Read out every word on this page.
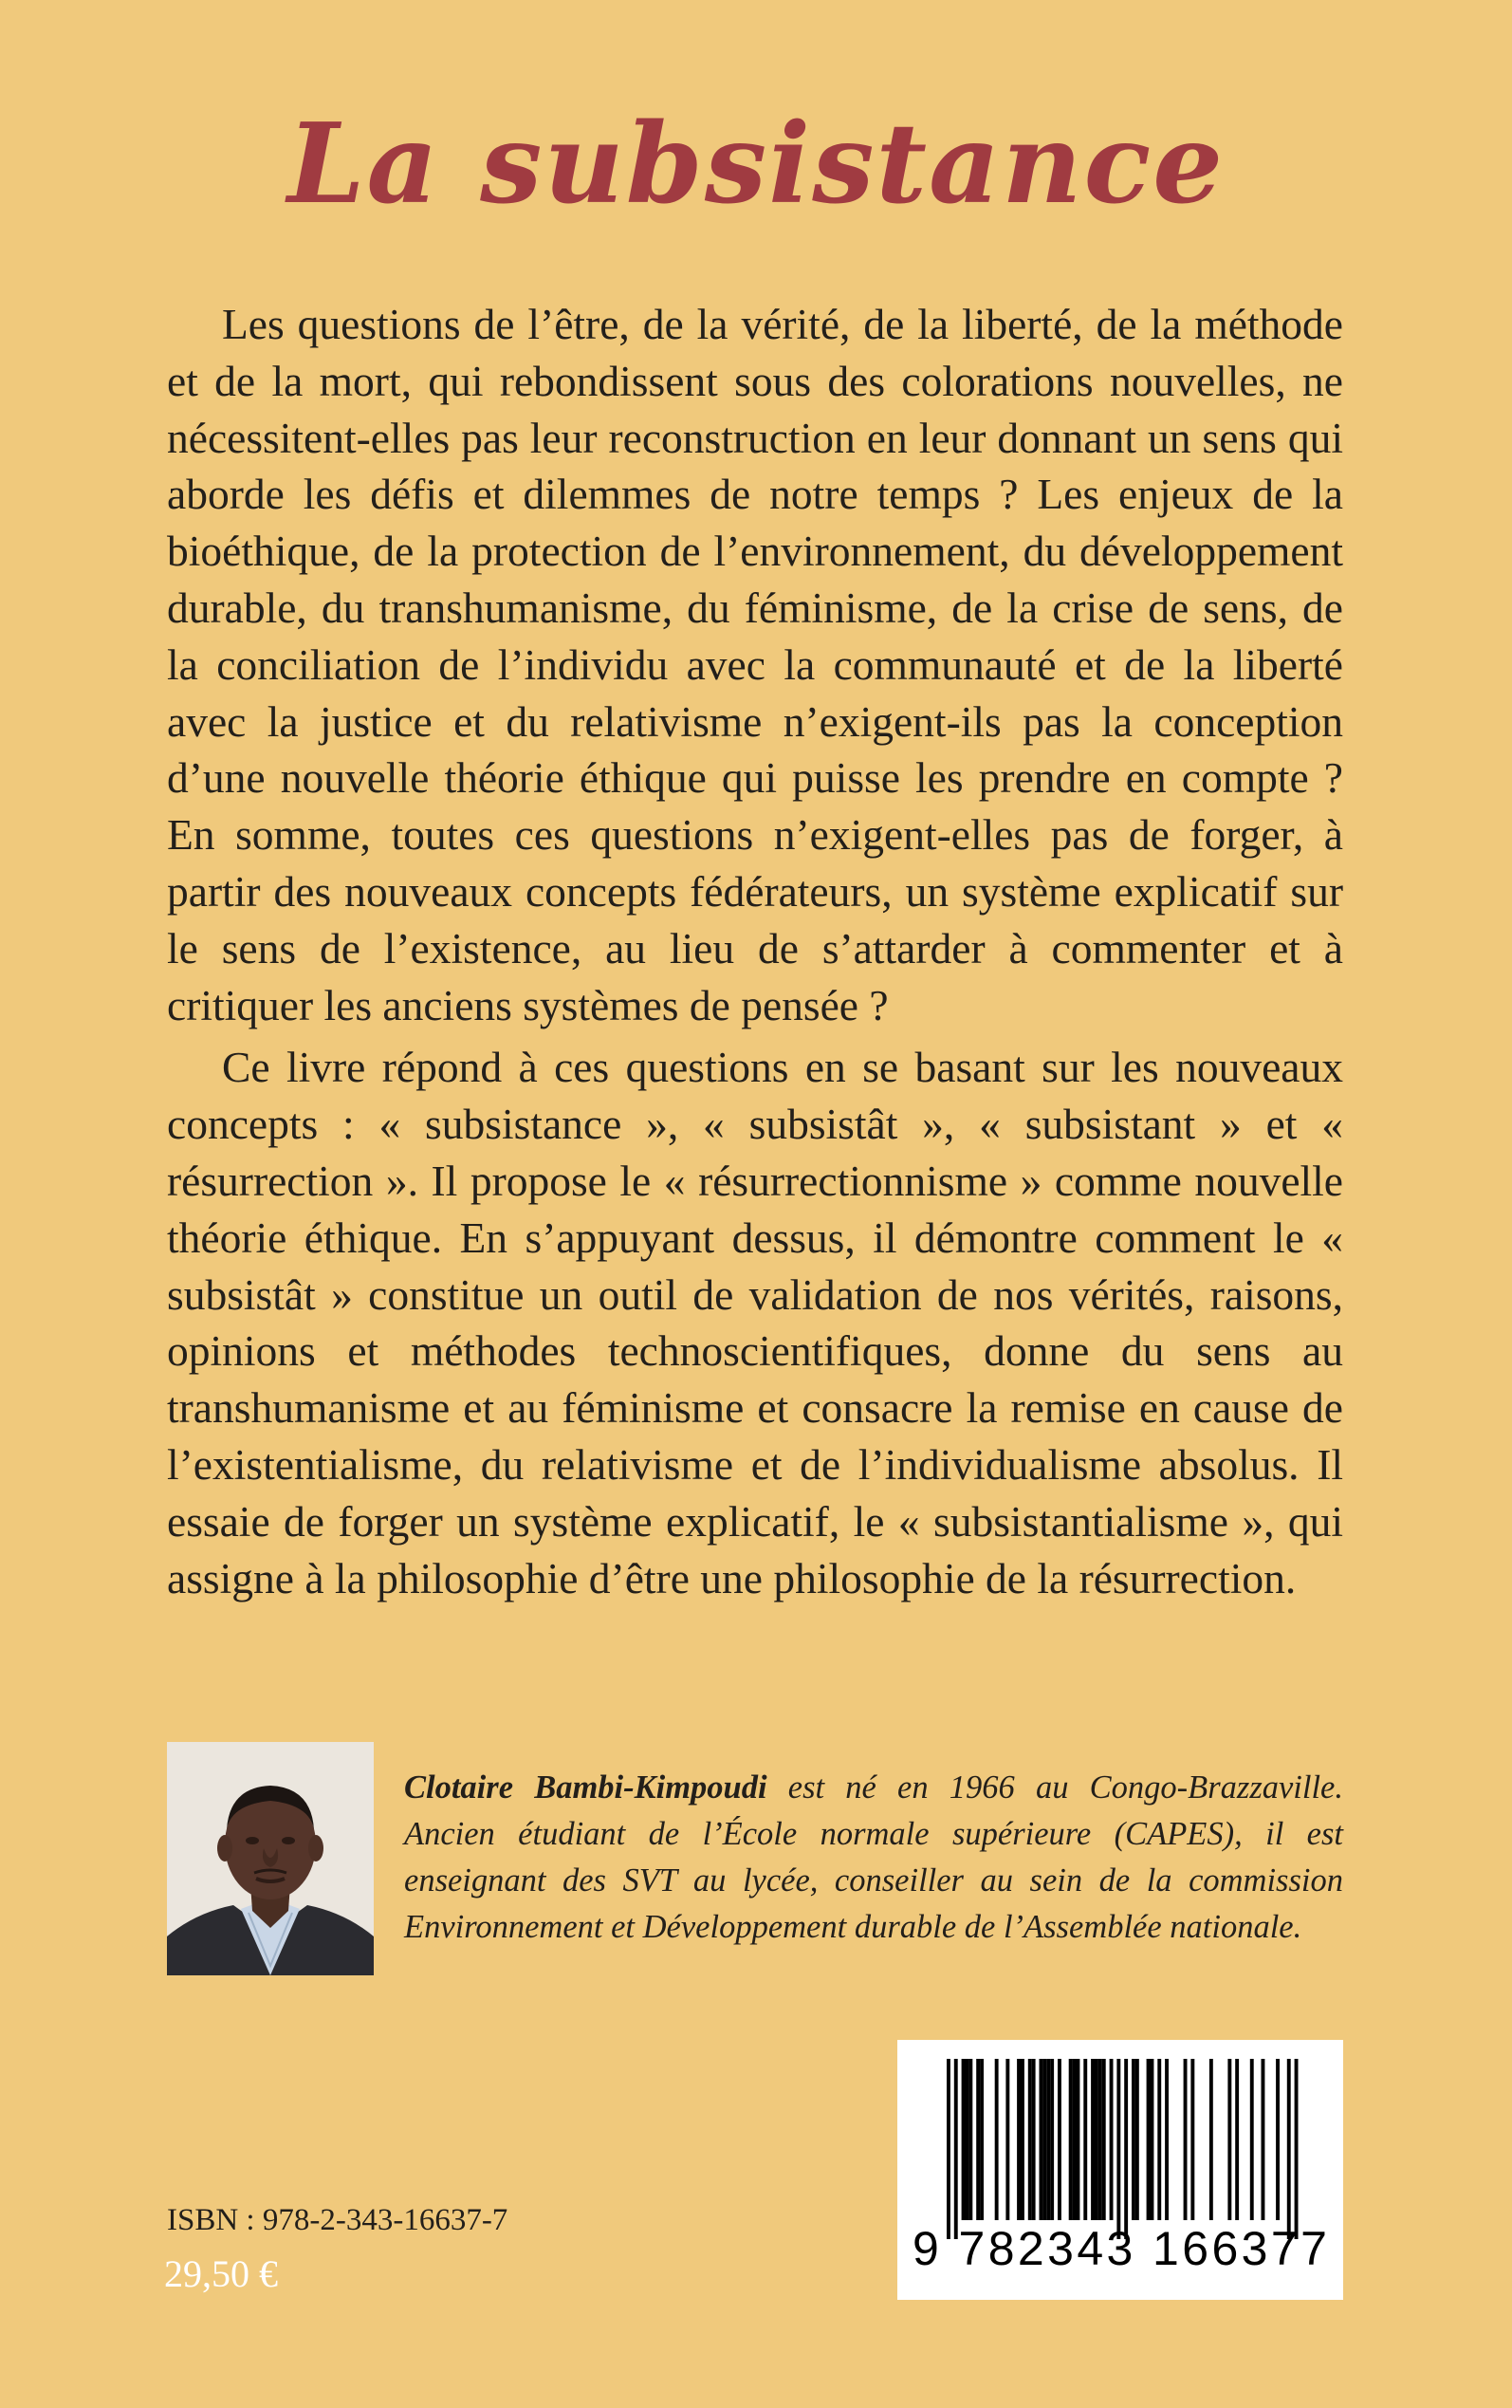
La subsistance

Les questions de l’être, de la vérité, de la liberté, de la méthode et de la mort, qui rebondissent sous des colorations nouvelles, ne nécessitent-elles pas leur reconstruction en leur donnant un sens qui aborde les défis et dilemmes de notre temps ? Les enjeux de la bioéthique, de la protection de l’environnement, du développement durable, du transhumanisme, du féminisme, de la crise de sens, de la conciliation de l’individu avec la communauté et de la liberté avec la justice et du relativisme n’exigent-ils pas la conception d’une nouvelle théorie éthique qui puisse les prendre en compte ? En somme, toutes ces questions n’exigent-elles pas de forger, à partir des nouveaux concepts fédérateurs, un système explicatif sur le sens de l’existence, au lieu de s’attarder à commenter et à critiquer les anciens systèmes de pensée ?

Ce livre répond à ces questions en se basant sur les nouveaux concepts : « subsistance », « subsistât », « subsistant » et « résurrection ». Il propose le « résurrectionnisme » comme nouvelle théorie éthique. En s’appuyant dessus, il démontre comment le « subsistât » constitue un outil de validation de nos vérités, raisons, opinions et méthodes technoscientifiques, donne du sens au transhumanisme et au féminisme et consacre la remise en cause de l’existentialisme, du relativisme et de l’individualisme absolus. Il essaie de forger un système explicatif, le « subsistantialisme », qui assigne à la philosophie d’être une philosophie de la résurrection.

Clotaire Bambi-Kimpoudi est né en 1966 au Congo-Brazzaville. Ancien étudiant de l’École normale supérieure (CAPES), il est enseignant des SVT au lycée, conseiller au sein de la commission Environnement et Développement durable de l’Assemblée nationale.
ISBN : 978-2-343-16637-7
29,50 €	9 782343 166377
